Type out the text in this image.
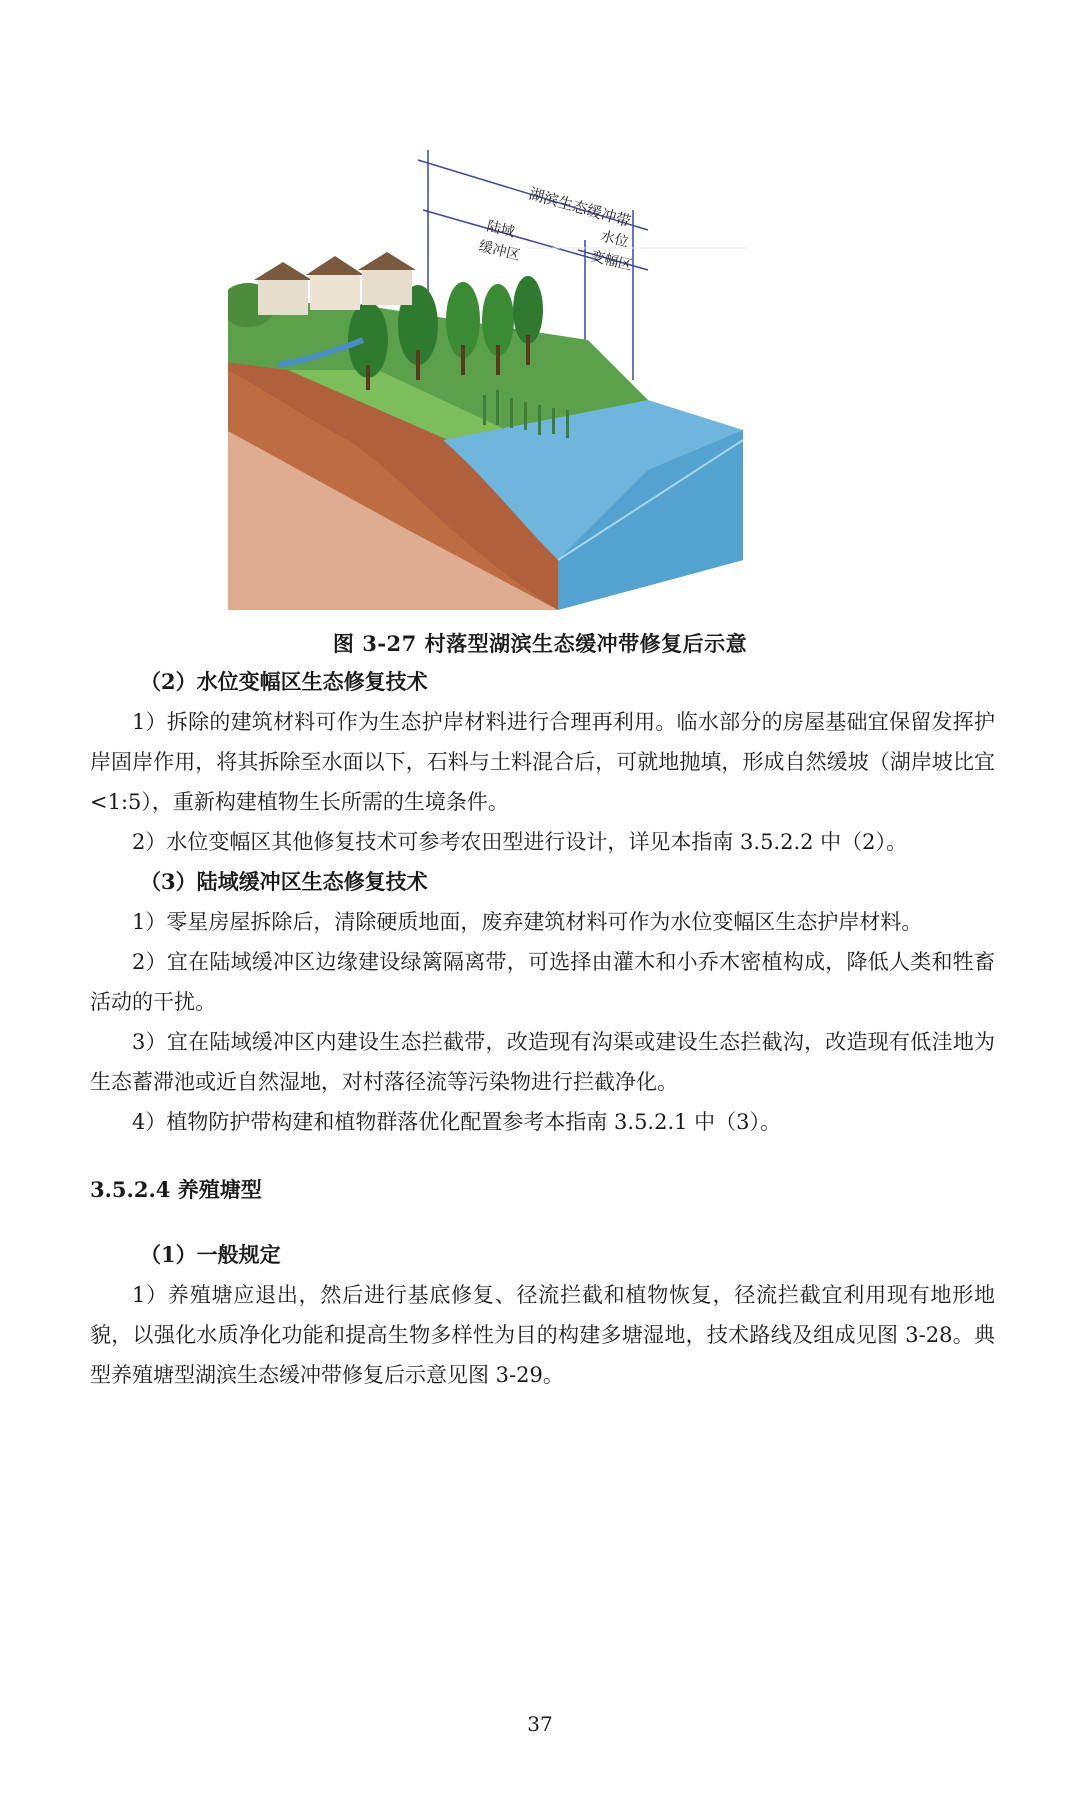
湖滨生态缓冲带
陆域
缓冲区	水位
变幅区
图 3-27 村落型湖滨生态缓冲带修复后示意

（2）水位变幅区生态修复技术

1）拆除的建筑材料可作为生态护岸材料进行合理再利用。临水部分的房屋基础宜保留发挥护岸固岸作用，将其拆除至水面以下，石料与土料混合后，可就地抛填，形成自然缓坡（湖岸坡比宜<1:5），重新构建植物生长所需的生境条件。

2）水位变幅区其他修复技术可参考农田型进行设计，详见本指南 3.5.2.2 中（2）。

（3）陆域缓冲区生态修复技术

1）零星房屋拆除后，清除硬质地面，废弃建筑材料可作为水位变幅区生态护岸材料。

2）宜在陆域缓冲区边缘建设绿篱隔离带，可选择由灌木和小乔木密植构成，降低人类和牲畜活动的干扰。

3）宜在陆域缓冲区内建设生态拦截带，改造现有沟渠或建设生态拦截沟，改造现有低洼地为生态蓄滞池或近自然湿地，对村落径流等污染物进行拦截净化。

4）植物防护带构建和植物群落优化配置参考本指南 3.5.2.1 中（3）。

3.5.2.4 养殖塘型

（1）一般规定

1）养殖塘应退出，然后进行基底修复、径流拦截和植物恢复，径流拦截宜利用现有地形地貌，以强化水质净化功能和提高生物多样性为目的构建多塘湿地，技术路线及组成见图 3-28。典型养殖塘型湖滨生态缓冲带修复后示意见图 3-29。

37
